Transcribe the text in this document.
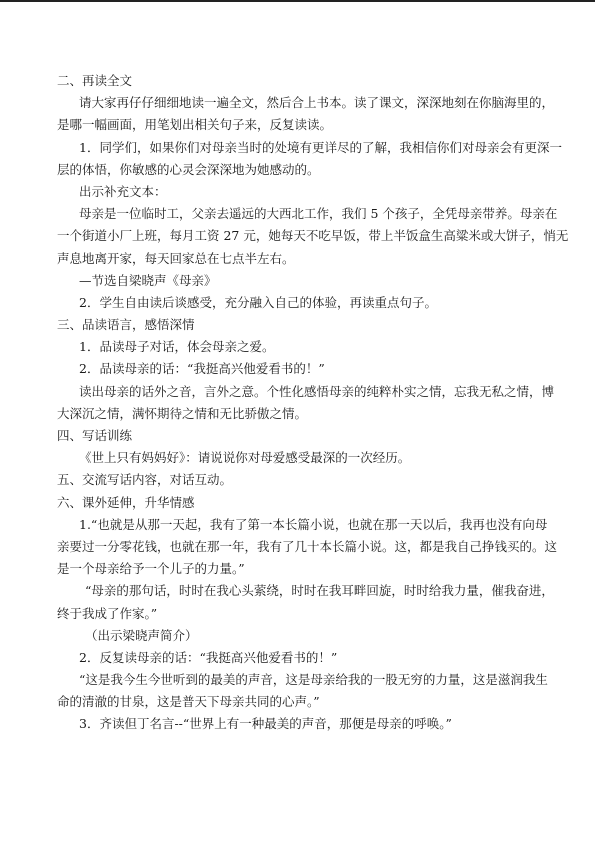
二、再读全文
请大家再仔仔细细地读一遍全文，然后合上书本。读了课文，深深地刻在你脑海里的，
是哪一幅画面，用笔划出相关句子来，反复读读。
1．同学们，如果你们对母亲当时的处境有更详尽的了解，我相信你们对母亲会有更深一
层的体悟，你敏感的心灵会深深地为她感动的。
出示补充文本：
母亲是一位临时工，父亲去遥远的大西北工作，我们 5 个孩子，全凭母亲带养。母亲在
一个街道小厂上班，每月工资 27 元，她每天不吃早饭，带上半饭盒生高粱米或大饼子，悄无
声息地离开家，每天回家总在七点半左右。
—节选自梁晓声《母亲》
2．学生自由读后谈感受，充分融入自己的体验，再读重点句子。
三、品读语言，感悟深情
1．品读母子对话，体会母亲之爱。
2．品读母亲的话：“我挺高兴他爱看书的！”
读出母亲的话外之音，言外之意。个性化感悟母亲的纯粹朴实之情，忘我无私之情，博
大深沉之情，满怀期待之情和无比骄傲之情。
四、写话训练
《世上只有妈妈好》：请说说你对母爱感受最深的一次经历。
五、交流写话内容，对话互动。
六、课外延伸，升华情感
1.“也就是从那一天起，我有了第一本长篇小说，也就在那一天以后，我再也没有向母
亲要过一分零花钱，也就在那一年，我有了几十本长篇小说。这，都是我自己挣钱买的。这
是一个母亲给予一个儿子的力量。”
“母亲的那句话，时时在我心头萦绕，时时在我耳畔回旋，时时给我力量，催我奋进，
终于我成了作家。”
（出示梁晓声简介）
2．反复读母亲的话：“我挺高兴他爱看书的！”
“这是我今生今世听到的最美的声音，这是母亲给我的一股无穷的力量，这是滋润我生
命的清澈的甘泉，这是普天下母亲共同的心声。”
3．齐读但丁名言--“世界上有一种最美的声音，那便是母亲的呼唤。”
